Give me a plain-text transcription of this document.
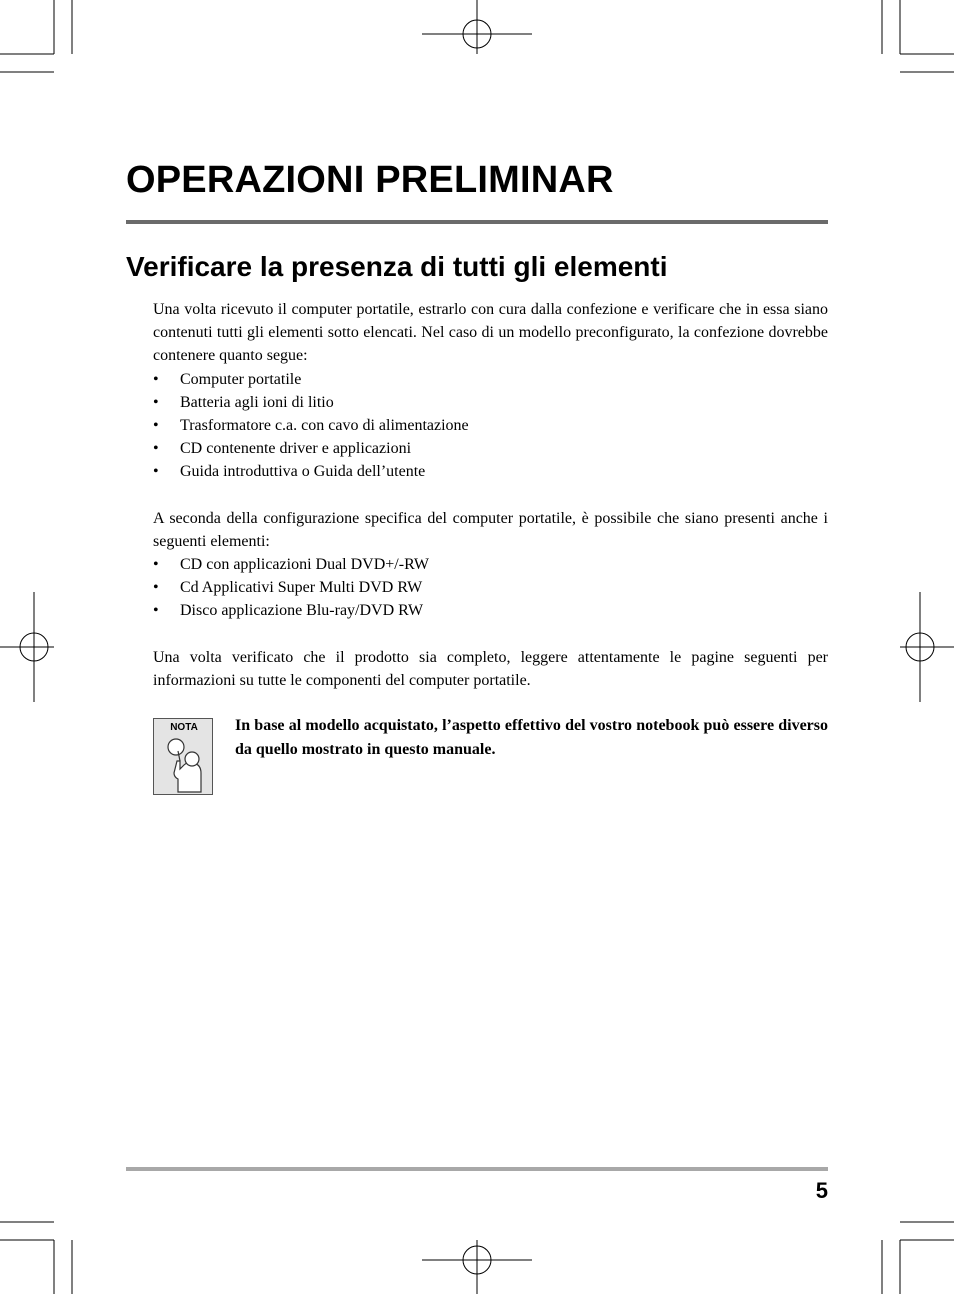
OPERAZIONI PRELIMINAR
Verificare la presenza di tutti gli elementi

Una volta ricevuto il computer portatile, estrarlo con cura dalla confezione e verificare che in essa siano contenuti tutti gli elementi sotto elencati. Nel caso di un modello preconfigurato, la confezione dovrebbe contenere quanto segue:

• Computer portatile
• Batteria agli ioni di litio
• Trasformatore c.a. con cavo di alimentazione
• CD contenente driver e applicazioni
• Guida introduttiva o Guida dell’utente

A seconda della configurazione specifica del computer portatile, è possibile che siano presenti anche i seguenti elementi:

• CD con applicazioni Dual DVD+/-RW
• Cd Applicativi Super Multi DVD RW
• Disco applicazione Blu-ray/DVD RW

Una volta verificato che il prodotto sia completo, leggere attentamente le pagine seguenti per informazioni su tutte le componenti del computer portatile.

NOTA	In base al modello acquistato, l’aspetto effettivo del vostro notebook può essere diverso da quello mostrato in questo manuale.

5
